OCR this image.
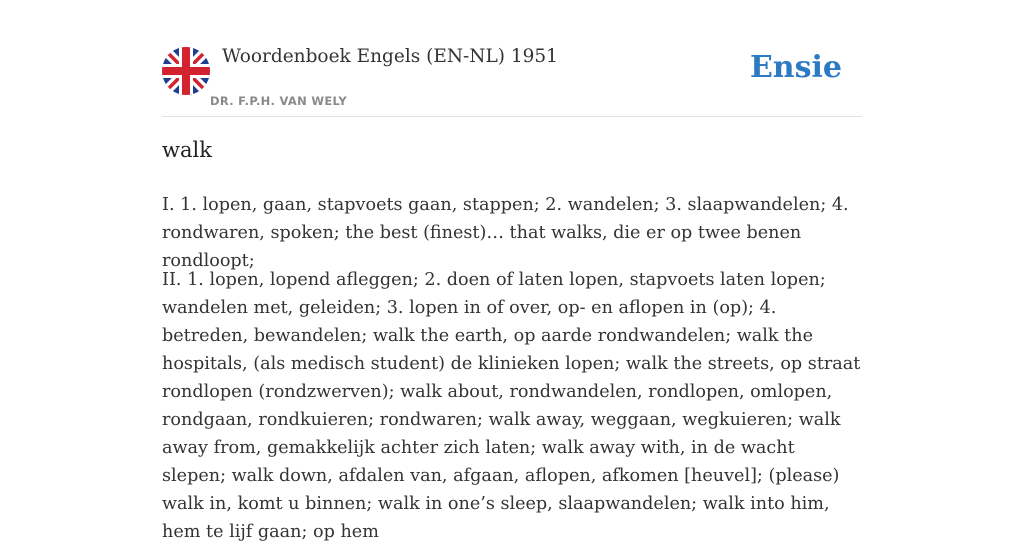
Woordenboek Engels (EN-NL) 1951
DR. F.P.H. VAN WELY
Ensie
walk

I. 1. lopen, gaan, stapvoets gaan, stappen; 2. wandelen; 3. slaapwandelen; 4. rondwaren, spoken; the best (finest)… that walks, die er op twee benen rondloopt;

II. 1. lopen, lopend afleggen; 2. doen of laten lopen, stapvoets laten lopen; wandelen met, geleiden; 3. lopen in of over, op- en aflopen in (op); 4. betreden, bewandelen; walk the earth, op aarde rondwandelen; walk the hospitals, (als medisch student) de klinieken lopen; walk the streets, op straat rondlopen (rondzwerven); walk about, rondwandelen, rondlopen, omlopen, rondgaan, rondkuieren; rondwaren; walk away, weggaan, wegkuieren; walk away from, gemakkelijk achter zich laten; walk away with, in de wacht slepen; walk down, afdalen van, afgaan, aflopen, afkomen [heuvel]; (please) walk in, komt u binnen; walk in one’s sleep, slaapwandelen; walk into him, hem te lijf gaan; op hem
